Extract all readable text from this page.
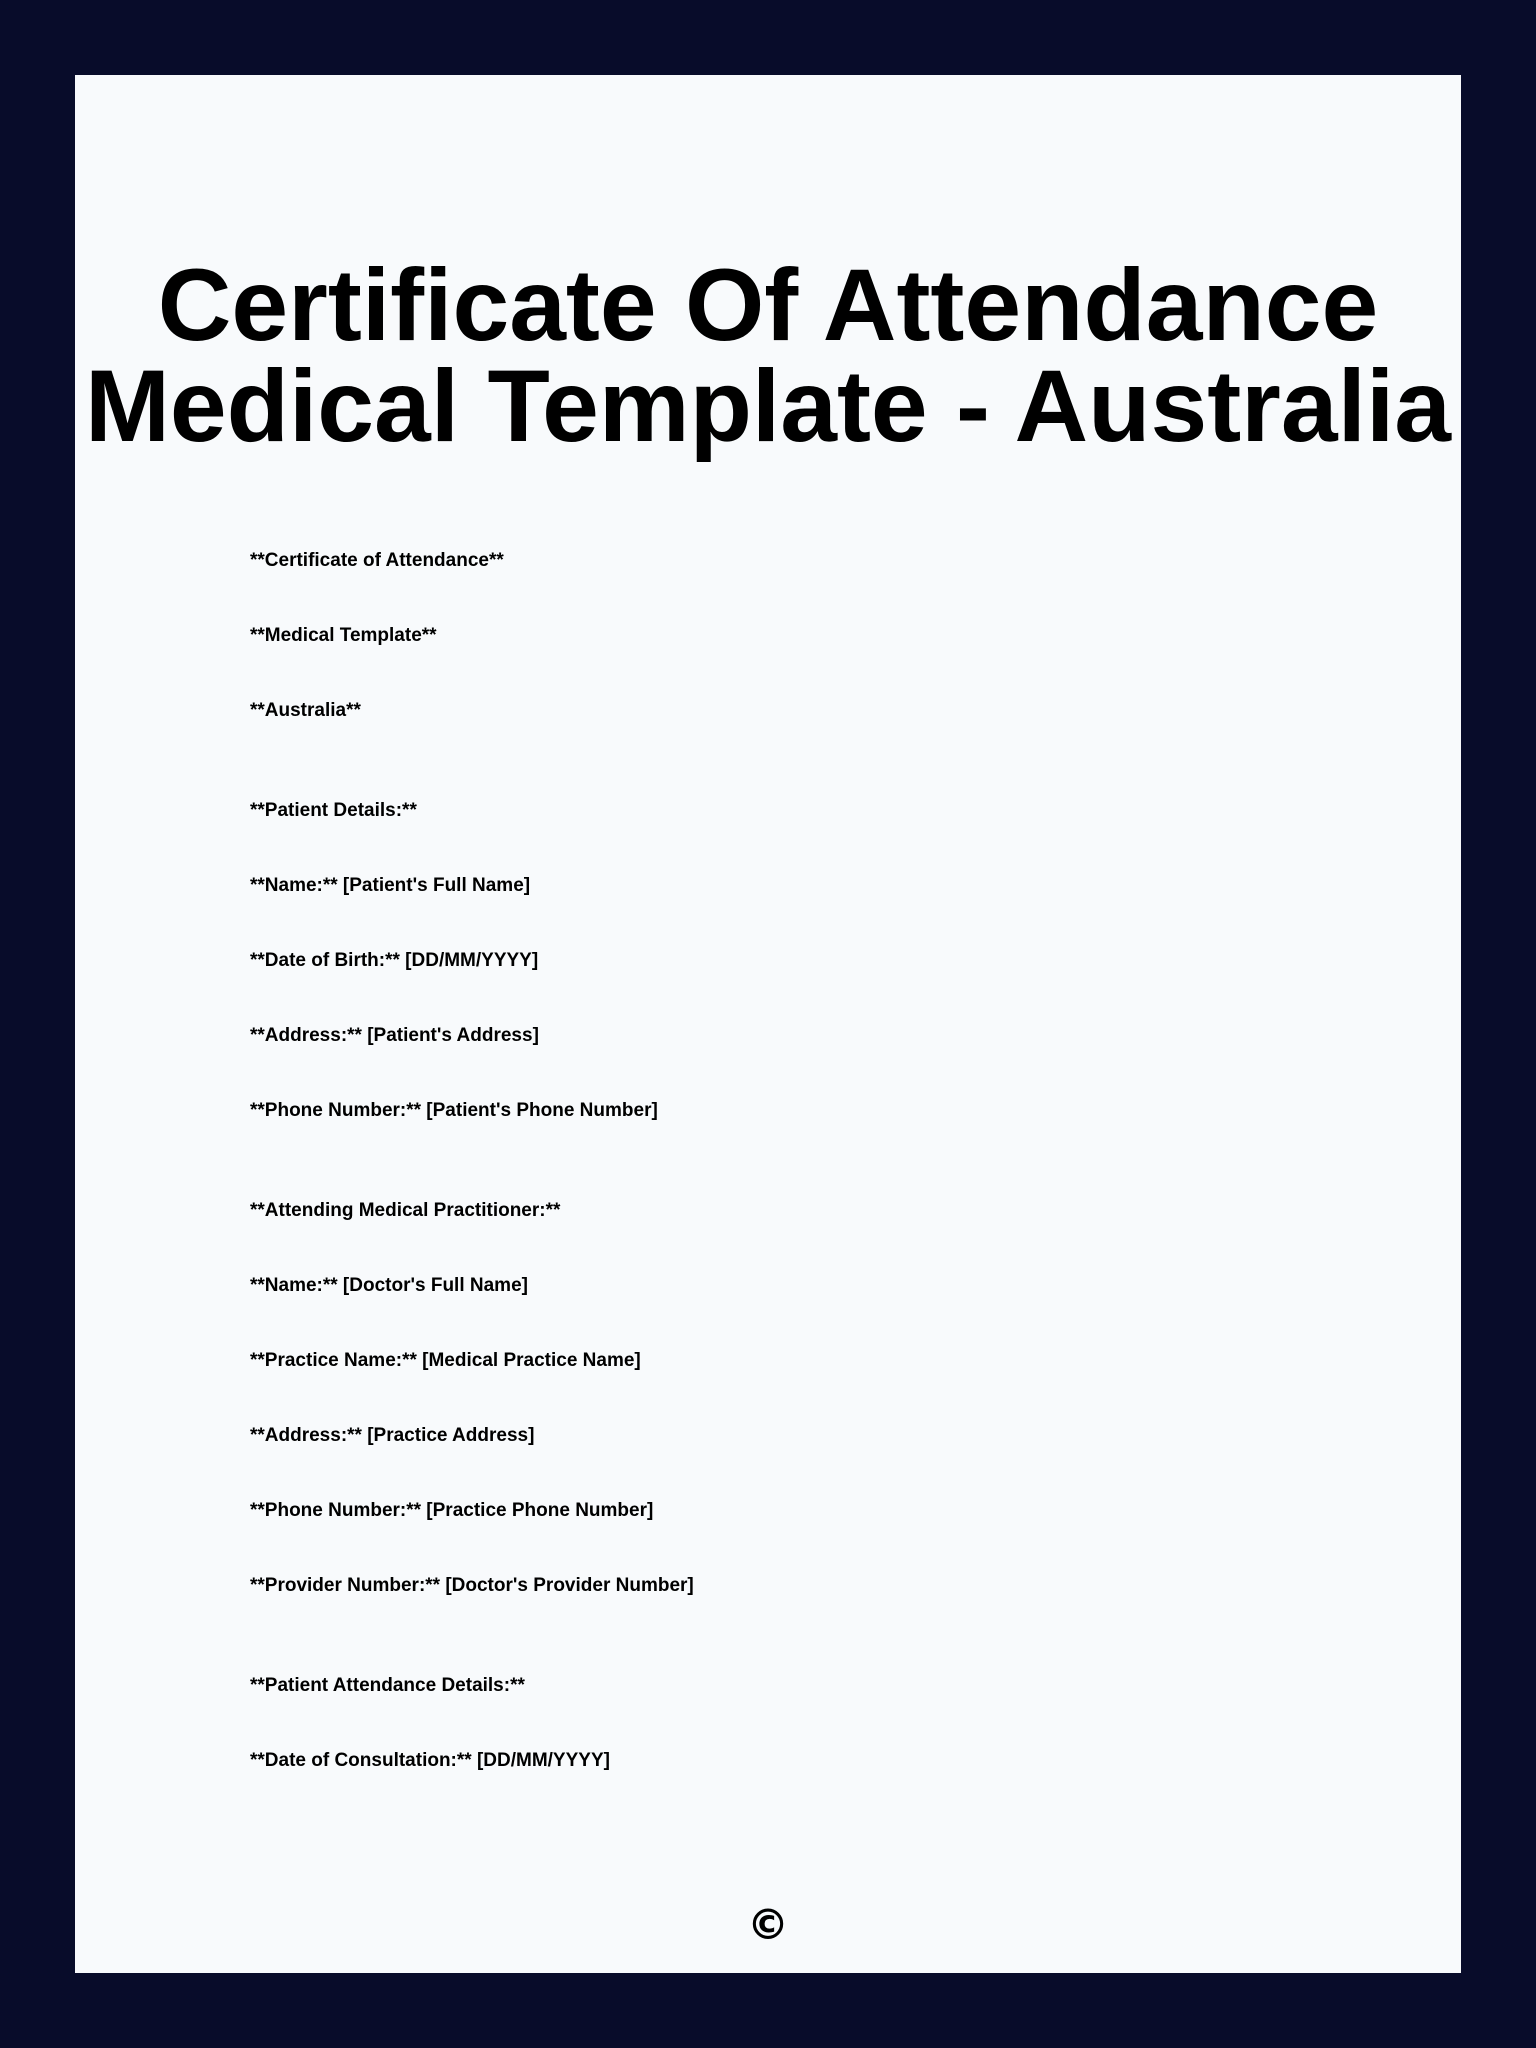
Certificate Of Attendance
Medical Template - Australia
**Certificate of Attendance**
**Medical Template**
**Australia**
**Patient Details:**
**Name:** [Patient's Full Name]
**Date of Birth:** [DD/MM/YYYY]
**Address:** [Patient's Address]
**Phone Number:** [Patient's Phone Number]
**Attending Medical Practitioner:**
**Name:** [Doctor's Full Name]
**Practice Name:** [Medical Practice Name]
**Address:** [Practice Address]
**Phone Number:** [Practice Phone Number]
**Provider Number:** [Doctor's Provider Number]
**Patient Attendance Details:**
**Date of Consultation:** [DD/MM/YYYY]
©
